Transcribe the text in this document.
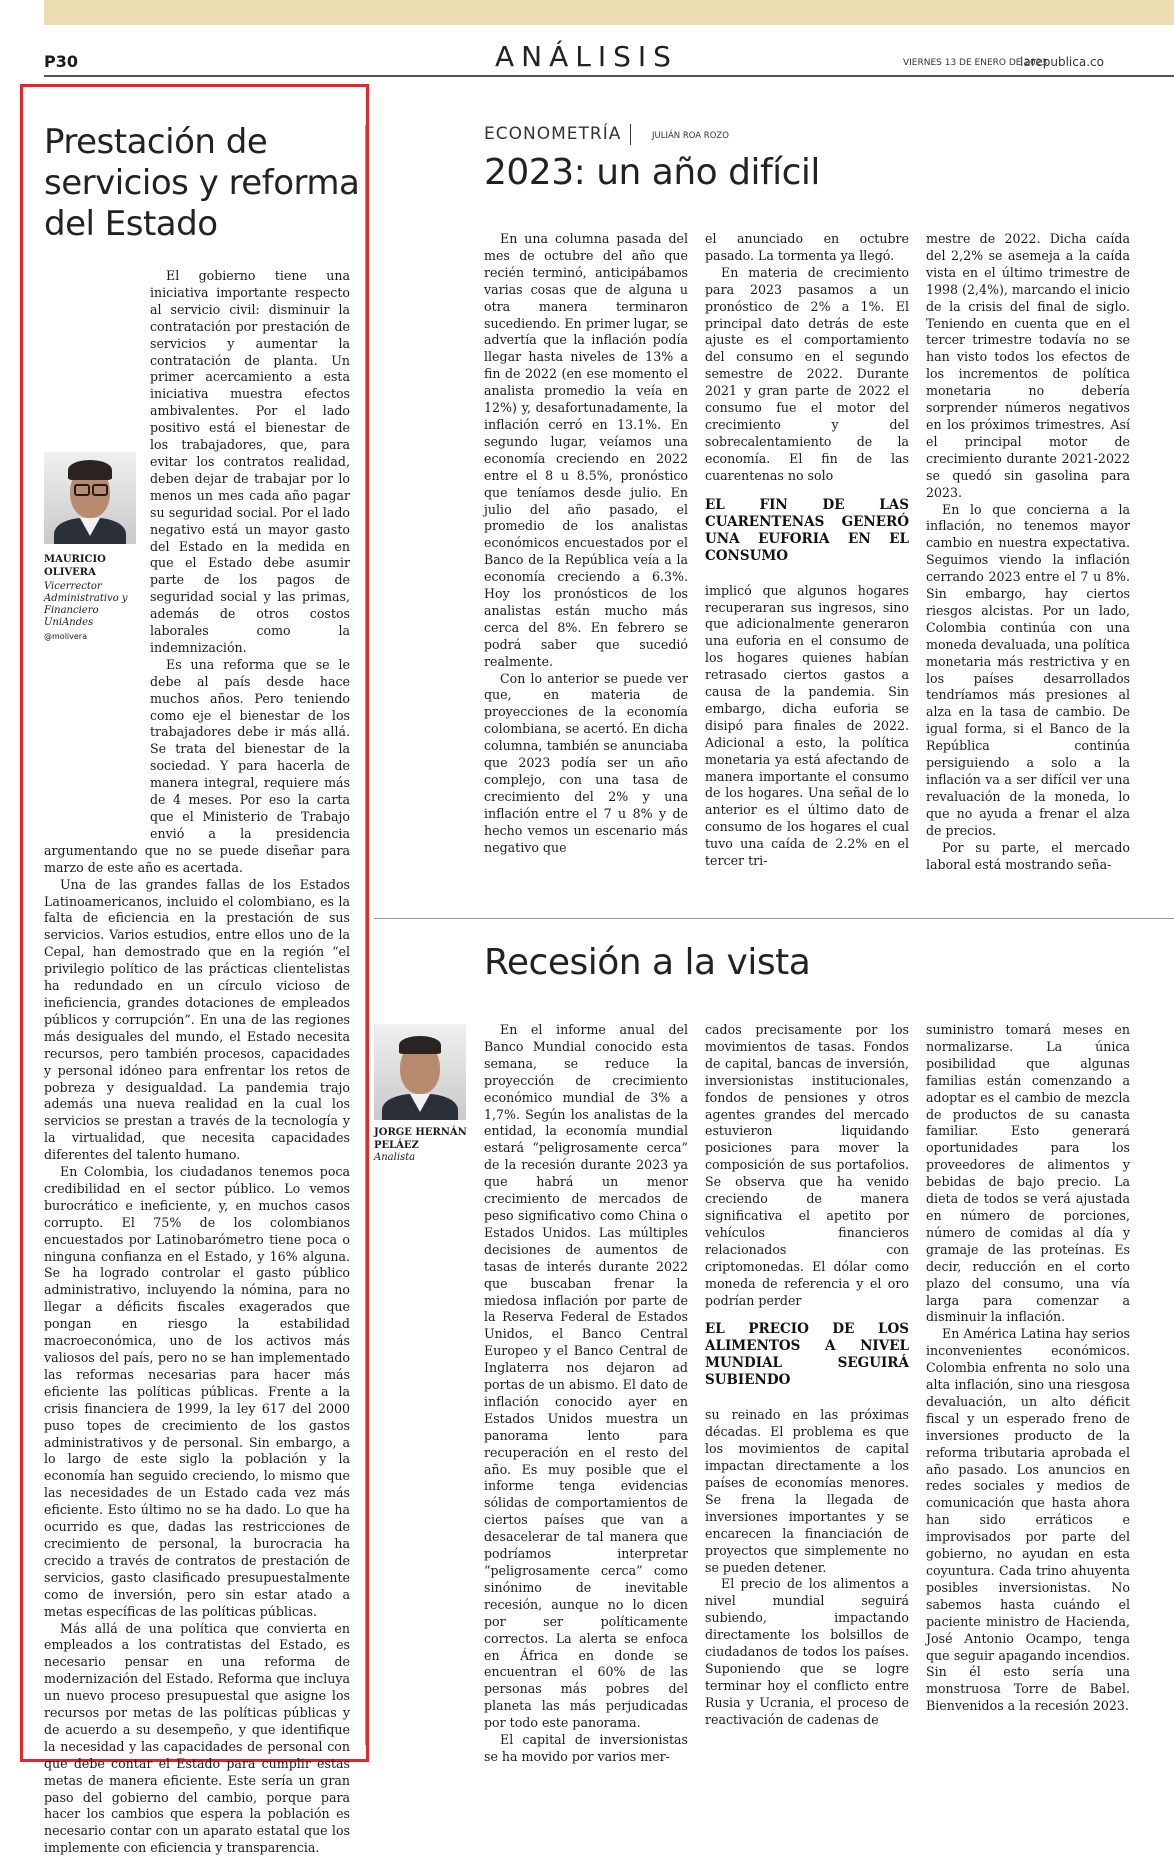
P30	ANÁLISIS	VIERNES 13 DE ENERO DE 2023
larepublica.co
Prestación de servicios y reforma del Estado

MAURICIO OLIVERA

Vicerrector Administrativo y Financiero UniAndes

@molivera

El gobierno tiene una iniciativa importante respecto al servicio civil: disminuir la contratación por prestación de servicios y aumentar la contratación de planta. Un primer acercamiento a esta iniciativa muestra efectos ambivalentes. Por el lado positivo está el bienestar de los trabajadores, que, para evitar los contratos realidad, deben dejar de trabajar por lo menos un mes cada año pagar su seguridad social. Por el lado negativo está un mayor gasto del Estado en la medida en que el Estado debe asumir parte de los pagos de seguridad social y las primas, además de otros costos laborales como la indemnización.

Es una reforma que se le debe al país desde hace muchos años. Pero teniendo como eje el bienestar de los trabajadores debe ir más allá. Se trata del bienestar de la sociedad. Y para hacerla de manera integral, requiere más de 4 meses. Por eso la carta que el Ministerio de Trabajo envió a la presidencia argumentando que no se puede diseñar para marzo de este año es acertada.

Una de las grandes fallas de los Estados Latinoamericanos, incluido el colombiano, es la falta de eficiencia en la prestación de sus servicios. Varios estudios, entre ellos uno de la Cepal, han demostrado que en la región “el privilegio político de las prácticas clientelistas ha redundado en un círculo vicioso de ineficiencia, grandes dotaciones de empleados públicos y corrupción”. En una de las regiones más desiguales del mundo, el Estado necesita recursos, pero también procesos, capacidades y personal idóneo para enfrentar los retos de pobreza y desigualdad. La pandemia trajo además una nueva realidad en la cual los servicios se prestan a través de la tecnología y la virtualidad, que necesita capacidades diferentes del talento humano.

En Colombia, los ciudadanos tenemos poca credibilidad en el sector público. Lo vemos burocrático e ineficiente, y, en muchos casos corrupto. El 75% de los colombianos encuestados por Latinobarómetro tiene poca o ninguna confianza en el Estado, y 16% alguna. Se ha logrado controlar el gasto público administrativo, incluyendo la nómina, para no llegar a déficits fiscales exagerados que pongan en riesgo la estabilidad macroeconómica, uno de los activos más valiosos del país, pero no se han implementado las reformas necesarias para hacer más eficiente las políticas públicas. Frente a la crisis financiera de 1999, la ley 617 del 2000 puso topes de crecimiento de los gastos administrativos y de personal. Sin embargo, a lo largo de este siglo la población y la economía han seguido creciendo, lo mismo que las necesidades de un Estado cada vez más eficiente. Esto último no se ha dado. Lo que ha ocurrido es que, dadas las restricciones de crecimiento de personal, la burocracia ha crecido a través de contratos de prestación de servicios, gasto clasificado presupuestalmente como de inversión, pero sin estar atado a metas específicas de las políticas públicas.

Más allá de una política que convierta en empleados a los contratistas del Estado, es necesario pensar en una reforma de modernización del Estado. Reforma que incluya un nuevo proceso presupuestal que asigne los recursos por metas de las políticas públicas y de acuerdo a su desempeño, y que identifique la necesidad y las capacidades de personal con que debe contar el Estado para cumplir estas metas de manera eficiente. Este sería un gran paso del gobierno del cambio, porque para hacer los cambios que espera la población es necesario contar con un aparato estatal que los implemente con eficiencia y transparencia.

ECONOMETRÍA	JULIÁN ROA ROZO
2023: un año difícil

En una columna pasada del mes de octubre del año que recién terminó, anticipábamos varias cosas que de alguna u otra manera terminaron sucediendo. En primer lugar, se advertía que la inflación podía llegar hasta niveles de 13% a fin de 2022 (en ese momento el analista promedio la veía en 12%) y, desafortunadamente, la inflación cerró en 13.1%. En segundo lugar, veíamos una economía creciendo en 2022 entre el 8 u 8.5%, pronóstico que teníamos desde julio. En julio del año pasado, el promedio de los analistas económicos encuestados por el Banco de la República veía a la economía creciendo a 6.3%. Hoy los pronósticos de los analistas están mucho más cerca del 8%. En febrero se podrá saber que sucedió realmente.

Con lo anterior se puede ver que, en materia de proyecciones de la economía colombiana, se acertó. En dicha columna, también se anunciaba que 2023 podía ser un año complejo, con una tasa de crecimiento del 2% y una inflación entre el 7 u 8% y de hecho vemos un escenario más negativo que

el anunciado en octubre pasado. La tormenta ya llegó.

En materia de crecimiento para 2023 pasamos a un pronóstico de 2% a 1%. El principal dato detrás de este ajuste es el comportamiento del consumo en el segundo semestre de 2022. Durante 2021 y gran parte de 2022 el consumo fue el motor del crecimiento y del sobrecalentamiento de la economía. El fin de las cuarentenas no solo

EL FIN DE LAS CUARENTENAS GENERÓ UNA EUFORIA EN EL CONSUMO

implicó que algunos hogares recuperaran sus ingresos, sino que adicionalmente generaron una euforia en el consumo de los hogares quienes habían retrasado ciertos gastos a causa de la pandemia. Sin embargo, dicha euforia se disipó para finales de 2022. Adicional a esto, la política monetaria ya está afectando de manera importante el consumo de los hogares. Una señal de lo anterior es el último dato de consumo de los hogares el cual tuvo una caída de 2.2% en el tercer tri-

mestre de 2022. Dicha caída del 2,2% se asemeja a la caída vista en el último trimestre de 1998 (2,4%), marcando el inicio de la crisis del final de siglo. Teniendo en cuenta que en el tercer trimestre todavía no se han visto todos los efectos de los incrementos de política monetaria no debería sorprender números negativos en los próximos trimestres. Así el principal motor de crecimiento durante 2021-2022 se quedó sin gasolina para 2023.

En lo que concierna a la inflación, no tenemos mayor cambio en nuestra expectativa. Seguimos viendo la inflación cerrando 2023 entre el 7 u 8%. Sin embargo, hay ciertos riesgos alcistas. Por un lado, Colombia continúa con una moneda devaluada, una política monetaria más restrictiva y en los países desarrollados tendríamos más presiones al alza en la tasa de cambio. De igual forma, si el Banco de la República continúa persiguiendo a solo a la inflación va a ser difícil ver una revaluación de la moneda, lo que no ayuda a frenar el alza de precios.

Por su parte, el mercado laboral está mostrando seña-

Recesión a la vista

JORGE HERNÁN PELÁEZ

Analista

En el informe anual del Banco Mundial conocido esta semana, se reduce la proyección de crecimiento económico mundial de 3% a 1,7%. Según los analistas de la entidad, la economía mundial estará “peligrosamente cerca” de la recesión durante 2023 ya que habrá un menor crecimiento de mercados de peso significativo como China o Estados Unidos. Las múltiples decisiones de aumentos de tasas de interés durante 2022 que buscaban frenar la miedosa inflación por parte de la Reserva Federal de Estados Unidos, el Banco Central Europeo y el Banco Central de Inglaterra nos dejaron ad portas de un abismo. El dato de inflación conocido ayer en Estados Unidos muestra un panorama lento para recuperación en el resto del año. Es muy posible que el informe tenga evidencias sólidas de comportamientos de ciertos países que van a desacelerar de tal manera que podríamos interpretar “peligrosamente cerca” como sinónimo de inevitable recesión, aunque no lo dicen por ser políticamente correctos. La alerta se enfoca en África en donde se encuentran el 60% de las personas más pobres del planeta las más perjudicadas por todo este panorama.

El capital de inversionistas se ha movido por varios mer-

cados precisamente por los movimientos de tasas. Fondos de capital, bancas de inversión, inversionistas institucionales, fondos de pensiones y otros agentes grandes del mercado estuvieron liquidando posiciones para mover la composición de sus portafolios. Se observa que ha venido creciendo de manera significativa el apetito por vehículos financieros relacionados con criptomonedas. El dólar como moneda de referencia y el oro podrían perder

EL PRECIO DE LOS ALIMENTOS A NIVEL MUNDIAL SEGUIRÁ SUBIENDO

su reinado en las próximas décadas. El problema es que los movimientos de capital impactan directamente a los países de economías menores. Se frena la llegada de inversiones importantes y se encarecen la financiación de proyectos que simplemente no se pueden detener.

El precio de los alimentos a nivel mundial seguirá subiendo, impactando directamente los bolsillos de ciudadanos de todos los países. Suponiendo que se logre terminar hoy el conflicto entre Rusia y Ucrania, el proceso de reactivación de cadenas de

suministro tomará meses en normalizarse. La única posibilidad que algunas familias están comenzando a adoptar es el cambio de mezcla de productos de su canasta familiar. Esto generará oportunidades para los proveedores de alimentos y bebidas de bajo precio. La dieta de todos se verá ajustada en número de porciones, número de comidas al día y gramaje de las proteínas. Es decir, reducción en el corto plazo del consumo, una vía larga para comenzar a disminuir la inflación.

En América Latina hay serios inconvenientes económicos. Colombia enfrenta no solo una alta inflación, sino una riesgosa devaluación, un alto déficit fiscal y un esperado freno de inversiones producto de la reforma tributaria aprobada el año pasado. Los anuncios en redes sociales y medios de comunicación que hasta ahora han sido erráticos e improvisados por parte del gobierno, no ayudan en esta coyuntura. Cada trino ahuyenta posibles inversionistas. No sabemos hasta cuándo el paciente ministro de Hacienda, José Antonio Ocampo, tenga que seguir apagando incendios. Sin él esto sería una monstruosa Torre de Babel. Bienvenidos a la recesión 2023.
